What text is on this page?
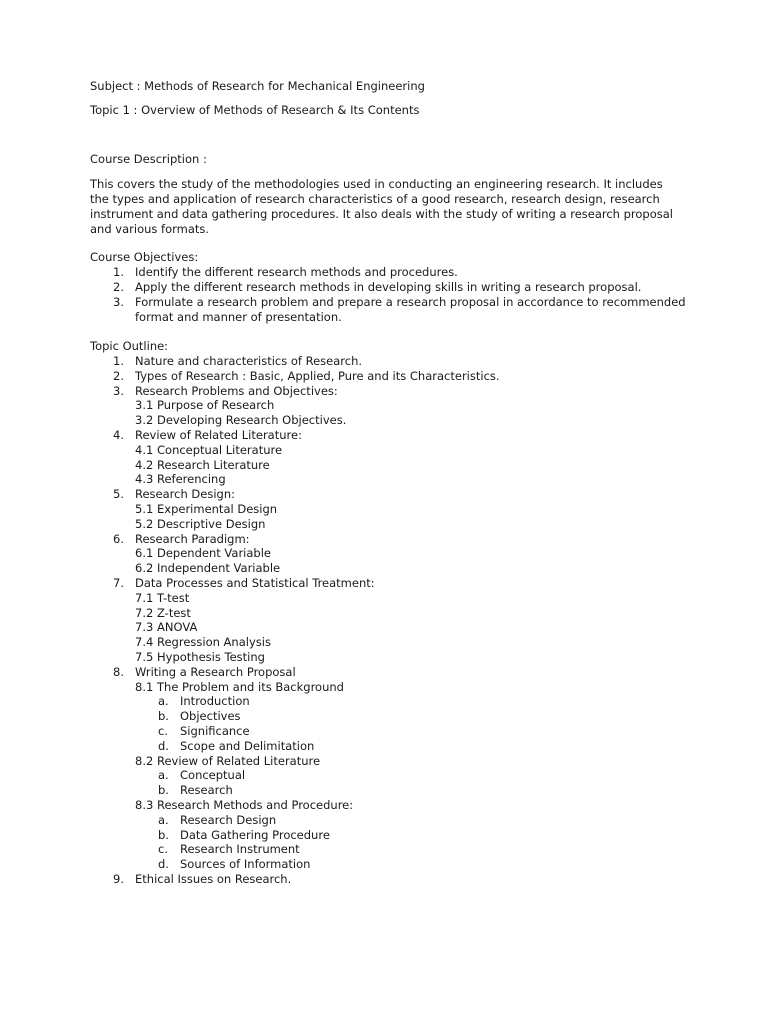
Subject : Methods of Research for Mechanical Engineering
Topic 1 : Overview of Methods of Research & Its Contents
Course Description :
This covers the study of the methodologies used in conducting an engineering research. It includes the types and application of research characteristics of a good research, research design, research instrument and data gathering procedures. It also deals with the study of writing a research proposal and various formats.
Course Objectives:
1. Identify the different research methods and procedures.
2. Apply the different research methods in developing skills in writing a research proposal.
3. Formulate a research problem and prepare a research proposal in accordance to recommended
format and manner of presentation.
Topic Outline:
1. Nature and characteristics of Research.
2. Types of Research : Basic, Applied, Pure and its Characteristics.
3. Research Problems and Objectives:
3.1 Purpose of Research
3.2 Developing Research Objectives.
4. Review of Related Literature:
4.1 Conceptual Literature
4.2 Research Literature
4.3 Referencing
5. Research Design:
5.1 Experimental Design
5.2 Descriptive Design
6. Research Paradigm:
6.1 Dependent Variable
6.2 Independent Variable
7. Data Processes and Statistical Treatment:
7.1 T-test
7.2 Z-test
7.3 ANOVA
7.4 Regression Analysis
7.5 Hypothesis Testing
8. Writing a Research Proposal
8.1 The Problem and its Background
a. Introduction
b. Objectives
c. Significance
d. Scope and Delimitation
8.2 Review of Related Literature
a. Conceptual
b. Research
8.3 Research Methods and Procedure:
a. Research Design
b. Data Gathering Procedure
c. Research Instrument
d. Sources of Information
9. Ethical Issues on Research.
